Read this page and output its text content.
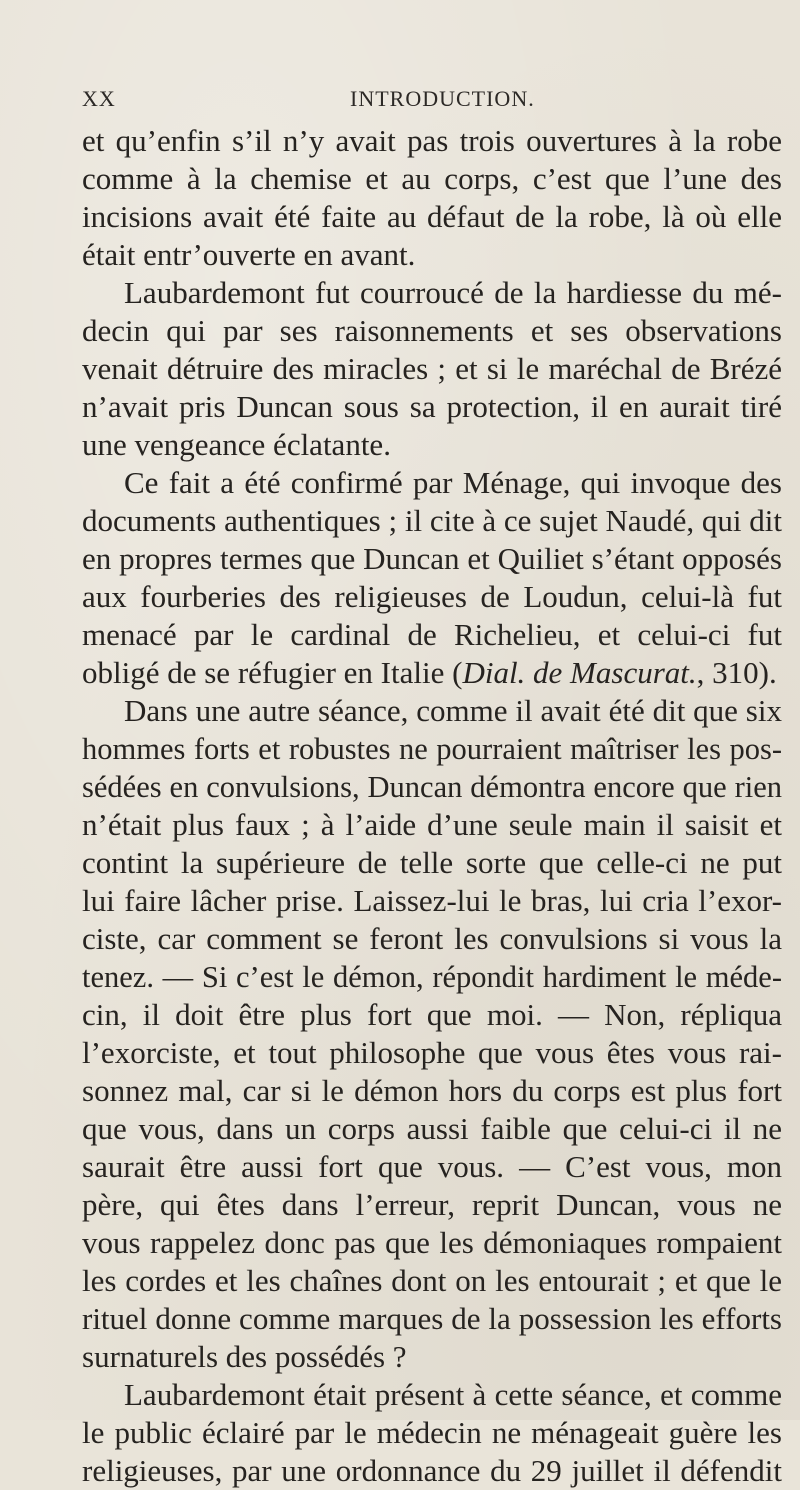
XX	INTRODUCTION.
et qu’enfin s’il n’y avait pas trois ouvertures à la robe
comme à la chemise et au corps, c’est que l’une des
incisions avait été faite au défaut de la robe, là où elle
était entr’ouverte en avant.
Laubardemont fut courroucé de la hardiesse du mé-
decin qui par ses raisonnements et ses observations
venait détruire des miracles ; et si le maréchal de Brézé
n’avait pris Duncan sous sa protection, il en aurait tiré
une vengeance éclatante.
Ce fait a été confirmé par Ménage, qui invoque des
documents authentiques ; il cite à ce sujet Naudé, qui dit
en propres termes que Duncan et Quiliet s’étant opposés
aux fourberies des religieuses de Loudun, celui-là fut
menacé par le cardinal de Richelieu, et celui-ci fut
obligé de se réfugier en Italie (Dial. de Mascurat., 310).
Dans une autre séance, comme il avait été dit que six
hommes forts et robustes ne pourraient maîtriser les pos-
sédées en convulsions, Duncan démontra encore que rien
n’était plus faux ; à l’aide d’une seule main il saisit et
contint la supérieure de telle sorte que celle-ci ne put
lui faire lâcher prise. Laissez-lui le bras, lui cria l’exor-
ciste, car comment se feront les convulsions si vous la
tenez. — Si c’est le démon, répondit hardiment le méde-
cin, il doit être plus fort que moi. — Non, répliqua
l’exorciste, et tout philosophe que vous êtes vous rai-
sonnez mal, car si le démon hors du corps est plus fort
que vous, dans un corps aussi faible que celui-ci il ne
saurait être aussi fort que vous. — C’est vous, mon
père, qui êtes dans l’erreur, reprit Duncan, vous ne
vous rappelez donc pas que les démoniaques rompaient
les cordes et les chaînes dont on les entourait ; et que le
rituel donne comme marques de la possession les efforts
surnaturels des possédés ?
Laubardemont était présent à cette séance, et comme
le public éclairé par le médecin ne ménageait guère les
religieuses, par une ordonnance du 29 juillet il défendit
